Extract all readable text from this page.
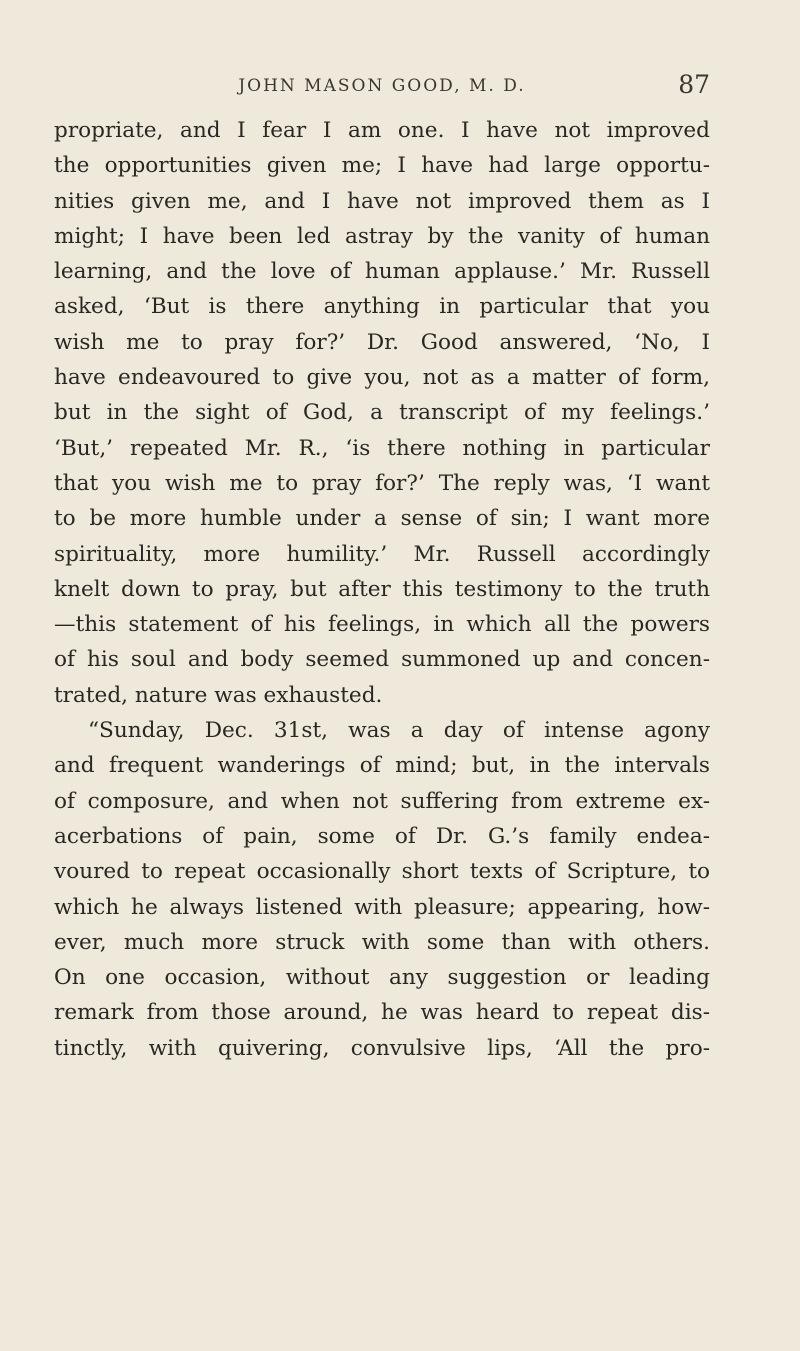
JOHN MASON GOOD, M. D.	87
propriate, and I fear I am one. I have not improved
the opportunities given me; I have had large opportu-
nities given me, and I have not improved them as I
might; I have been led astray by the vanity of human
learning, and the love of human applause.’ Mr. Russell
asked, ‘But is there anything in particular that you
wish me to pray for?’ Dr. Good answered, ‘No, I
have endeavoured to give you, not as a matter of form,
but in the sight of God, a transcript of my feelings.’
‘But,’ repeated Mr. R., ‘is there nothing in particular
that you wish me to pray for?’ The reply was, ‘I want
to be more humble under a sense of sin; I want more
spirituality, more humility.’ Mr. Russell accordingly
knelt down to pray, but after this testimony to the truth
—this statement of his feelings, in which all the powers
of his soul and body seemed summoned up and concen-
trated, nature was exhausted.
“Sunday, Dec. 31st, was a day of intense agony
and frequent wanderings of mind; but, in the intervals
of composure, and when not suffering from extreme ex-
acerbations of pain, some of Dr. G.’s family endea-
voured to repeat occasionally short texts of Scripture, to
which he always listened with pleasure; appearing, how-
ever, much more struck with some than with others.
On one occasion, without any suggestion or leading
remark from those around, he was heard to repeat dis-
tinctly, with quivering, convulsive lips, ‘All the pro-
